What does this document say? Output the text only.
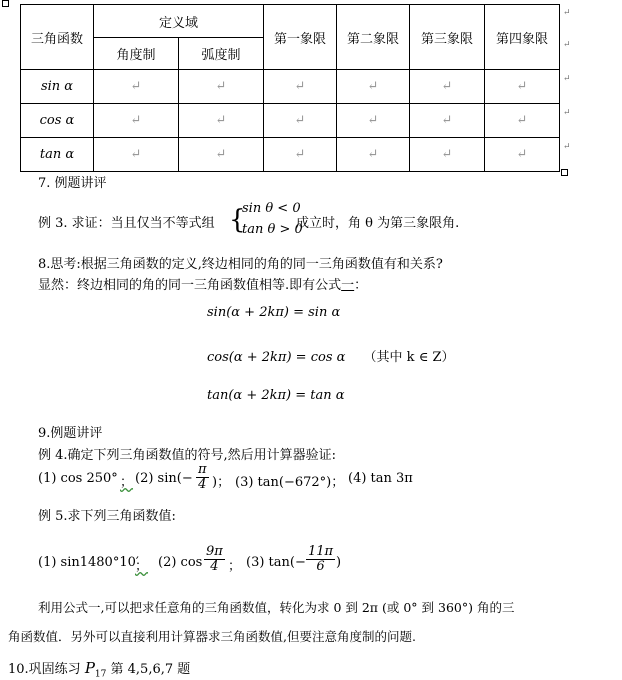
三角函数	定义域		第一象限	第二象限	第三象限	第四象限
	角度制	弧度制				
sin α	↵	↵	↵	↵	↵	↵
cos α	↵	↵	↵	↵	↵	↵
tan α	↵	↵	↵	↵	↵	↵
↵
↵
↵
↵
↵
7. 例题讲评
例 3. 求证：当且仅当不等式组 {
sin θ < 0
tan θ > 0
成立时，角 θ 为第三象限角.
8.思考:根据三角函数的定义,终边相同的角的同一三角函数值有和关系?
显然：终边相同的角的同一三角函数值相等.即有公式一：
sin(α + 2kπ) = sin α
cos(α + 2kπ) = cos α （其中 k ∈ Z）
tan(α + 2kπ) = tan α
9.例题讲评
例 4.确定下列三角函数值的符号,然后用计算器验证:
(1) cos 250° ； (2) $\sin(- \frac{\pi}{4}$ )； (3) tan(−672°)； (4) tan 3π
例 5.求下列三角函数值:
(1) sin1480°10′
； (2) $\cos \frac{9\pi}{4}$ ； (3) $\tan(- \frac{11\pi}{6}$ )
利用公式一,可以把求任意角的三角函数值，转化为求 0 到 2π (或 0° 到 360°) 角的三
角函数值．另外可以直接利用计算器求三角函数值,但要注意角度制的问题.
10.巩固练习 $P_{17}$ 第 4,5,6,7 题
